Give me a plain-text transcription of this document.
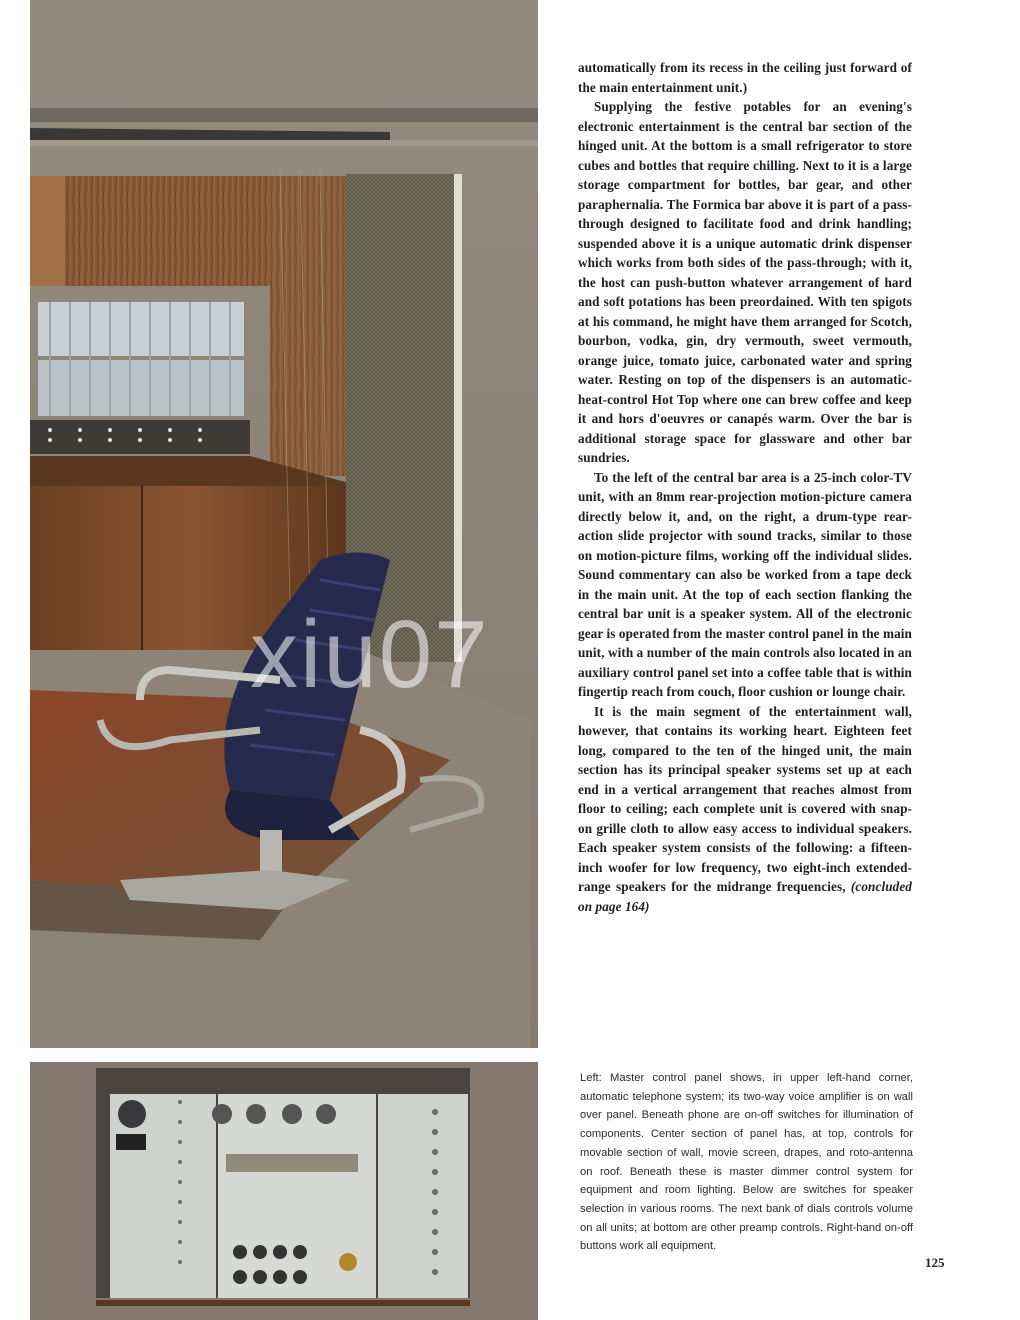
automatically from its recess in the ceiling just forward of the main entertainment unit.)

Supplying the festive potables for an evening's electronic entertainment is the central bar section of the hinged unit. At the bottom is a small refrigerator to store cubes and bottles that require chilling. Next to it is a large storage compartment for bottles, bar gear, and other paraphernalia. The Formica bar above it is part of a pass-through designed to facilitate food and drink handling; suspended above it is a unique automatic drink dispenser which works from both sides of the pass-through; with it, the host can push-button whatever arrangement of hard and soft potations has been preordained. With ten spigots at his command, he might have them arranged for Scotch, bourbon, vodka, gin, dry vermouth, sweet vermouth, orange juice, tomato juice, carbonated water and spring water. Resting on top of the dispensers is an automatic-heat-control Hot Top where one can brew coffee and keep it and hors d'oeuvres or canapés warm. Over the bar is additional storage space for glassware and other bar sundries.

To the left of the central bar area is a 25-inch color-TV unit, with an 8mm rear-projection motion-picture camera directly below it, and, on the right, a drum-type rear-action slide projector with sound tracks, similar to those on motion-picture films, working off the individual slides. Sound commentary can also be worked from a tape deck in the main unit. At the top of each section flanking the central bar unit is a speaker system. All of the electronic gear is operated from the master control panel in the main unit, with a number of the main controls also located in an auxiliary control panel set into a coffee table that is within fingertip reach from couch, floor cushion or lounge chair.

It is the main segment of the entertainment wall, however, that contains its working heart. Eighteen feet long, compared to the ten of the hinged unit, the main section has its principal speaker systems set up at each end in a vertical arrangement that reaches almost from floor to ceiling; each complete unit is covered with snap-on grille cloth to allow easy access to individual speakers. Each speaker system consists of the following: a fifteen-inch woofer for low frequency, two eight-inch extended-range speakers for the midrange frequencies, (concluded on page 164)

Left: Master control panel shows, in upper left-hand corner, automatic telephone system; its two-way voice amplifier is on wall over panel. Beneath phone are on-off switches for illumination of components. Center section of panel has, at top, controls for movable section of wall, movie screen, drapes, and roto-antenna on roof. Beneath these is master dimmer control system for equipment and room lighting. Below are switches for speaker selection in various rooms. The next bank of dials controls volume on all units; at bottom are other preamp controls. Right-hand on-off buttons work all equipment.
125
xiu07
